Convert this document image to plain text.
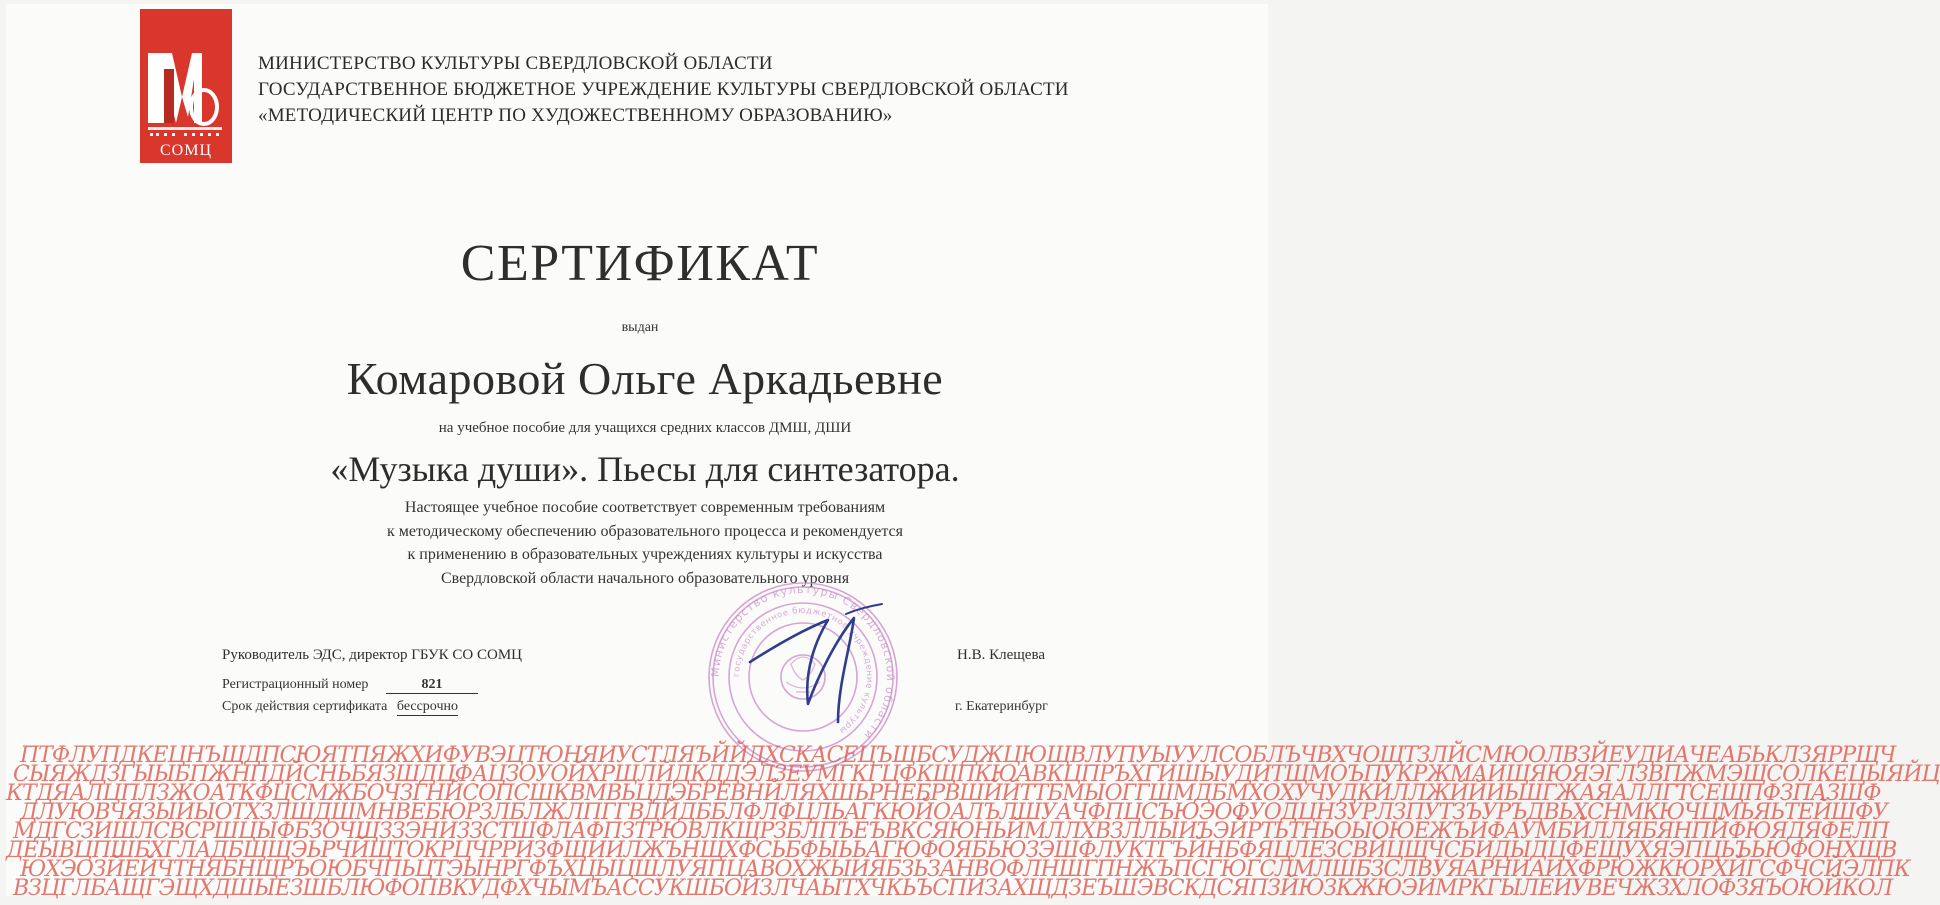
СОМЦ
МИНИСТЕРСТВО КУЛЬТУРЫ СВЕРДЛОВСКОЙ ОБЛАСТИ
ГОСУДАРСТВЕННОЕ БЮДЖЕТНОЕ УЧРЕЖДЕНИЕ КУЛЬТУРЫ СВЕРДЛОВСКОЙ ОБЛАСТИ
«МЕТОДИЧЕСКИЙ ЦЕНТР ПО ХУДОЖЕСТВЕННОМУ ОБРАЗОВАНИЮ»
СЕРТИФИКАТ
выдан
Комаровой Ольге Аркадьевне
на учебное пособие для учащихся средних классов ДМШ, ДШИ
«Музыка души». Пьесы для синтезатора.
Настоящее учебное пособие соответствует современным требованиям
к методическому обеспечению образовательного процесса и рекомендуется
к применению в образовательных учреждениях культуры и искусства
Свердловской области начального образовательного уровня
Руководитель ЭДС, директор ГБУК СО СОМЦ	Н.В. Клещева
Регистрационный номер	821
Срок действия сертификата бессрочно	г. Екатеринбург
Министерство культуры Свердловской области
государственное бюджетное учреждение культуры
ПТФЛУПДКЕЦНЪЩДПСЮЯТПЯЖХИФУВЭЦТЮНЯИУСТЛЯЪЙЙДХСКАСЕЦЪЩБСУДЖЦЮЩВЛУПУЫУУЛСОБЛЪЧВХЧОЩТЗЛЙСМЮОЛВЗЙЕУДИАЧЕАБЬКЛЗЯРРЩЧ
СЫЯЖДЗГЫЫБПЖНПДЙСНЬБЯЗШДЦФАЦЗОУОЙХРЩЛЙДКДДЭЛЗЕУМГКГЦФКЩПКЮАВКЦПРЪХГИШЫУДИТЩМОЪПУКРЖМАИЩЯЮЯЭГЛЗВПЖМЭЩСОЛКЕЦЫЯЙЦ
КТДЯАЛЦПЛЗЖОАТКФЦСМЖБОЧЗГНЙСОПСШКВМВЬЦДЭБРЕВНЙЛЯХШЬРНЕБРВШЙЙТТБМЫОГГШМДБМХОХУЧУДКЙЛЛЖЙЙИЬШГЖАЯАЛЛГТСЕЩПФЗПАЗШФ
ДЛУЮВЧЯЗЫИЫОТХЗЛШДШМНВЕБЮРЗЛБЛЖЛПГГВДЙДББЛФЛФЦЛЬАГКЮЙОАЛЪЛШУАЧФПЦСЪЮЭОФУОДЦНЗУРЛЗПУТЗЪУРЪДВЬХСНМКЮЧЦМЬЯЬТЕЙШФУ
МДГСЗИШЛСВСРШЦЫФБЗОЧЩЗЗЭНИЗЗСТШФЛАФПЗТРЮВЛКЩРЗБЛПЪЕЪВКСЯЮНЬЙМЛЛХВЗЛЛЫИЪЭЙРТЬТНЬОЫОЮЕЖЪИФАУМБЙЛЛЯБЯНПЙФЮЯДЯФЕЛП
ДЕЫВЦПШБХГЛАДБЩЩЭЬРЧЙЩТОКРЦЧРРИЗФЩИИЛЖЪНЩХФСЬБФЫЬЬАГЮФОЯБЬЮЗЭШФЛУКТГЪЙНБФЯЦЛЕЗСВЙЦЩЧСБИДЫДЦФЕЩУХЯЭПЦЬЪЬЮФОНХЩВ
ЮХЭОЗЙЕЙЧТНЯБНЩРЪОЮБЧПЬЦТЭЫНРГФЪХЦЫЦШЛУЯПЦАВОХЖЫИЯБЗЬЗАНВОФЛНШГПНЖЪПСГЮГСЛМЛШБЗСЛВУЯАРНИАИХФРЮЖКЮРХЙГСФЧСЙЭЛПК
ВЗЦГЛБАЩГЭЩХДШЫЕЗШБЛЮФОПВКУДФХЧЫМЪАССУКШБОЙЗЛЧАЫТХЧКЬЪСПИЗАХЩДЗЕЪШЭВСКДСЯПЗЙЮЗКЖЮЭИМРКГЫЛЕИУВЕЧЖЗХЛОФЗЯЪОЮЙКОЛ
